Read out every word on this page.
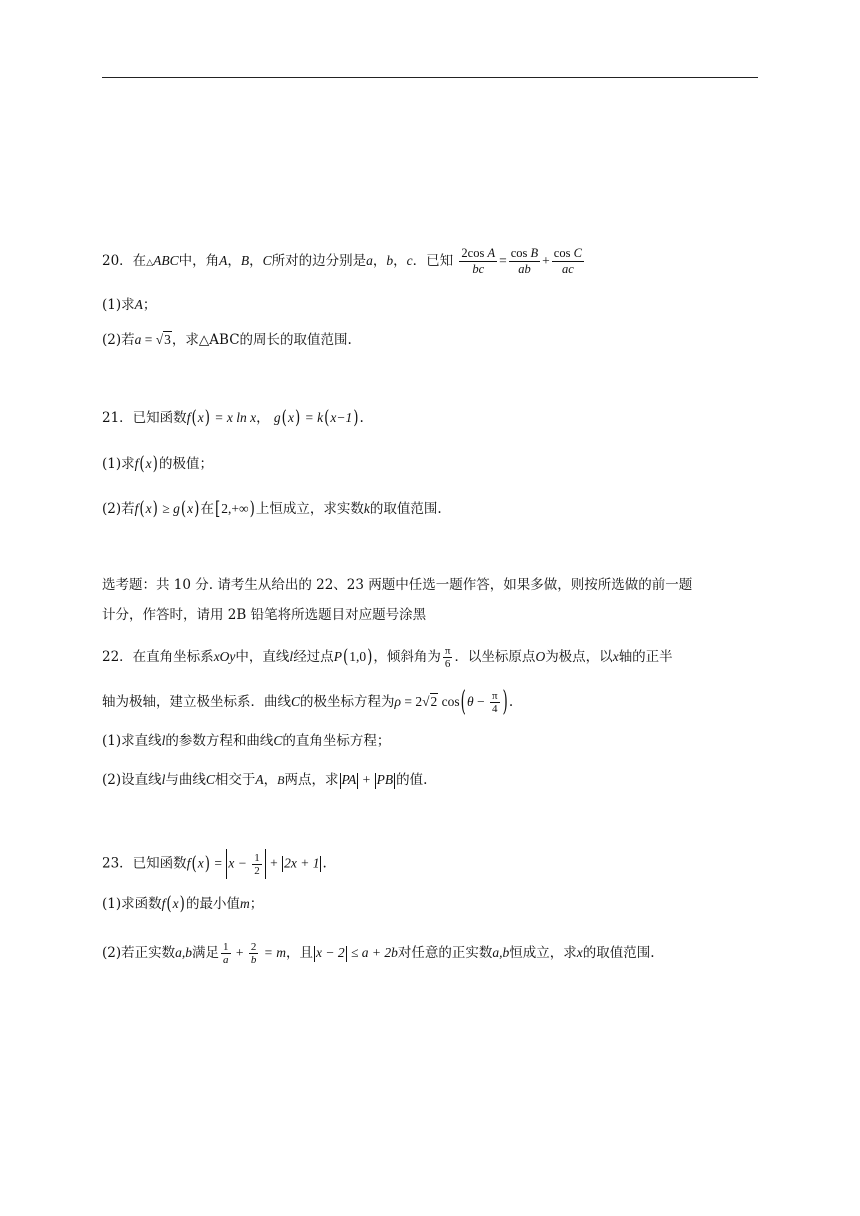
20．在△ABC中，角A，B，C所对的边分别是a，b，c．已知 $\frac{\text{2cos A}}{bc} = \frac{\text{cos B}}{ab} + \frac{\text{cos C}}{ac}$
(1)求A；
(2)若a = √3，求△ABC的周长的取值范围.
21．已知函数f(x) = x ln x， g(x) = k(x−1).
(1)求f(x)的极值；
(2)若f(x) ≥ g(x)在[2,+∞)上恒成立，求实数k的取值范围.
选考题：共 10 分. 请考生从给出的 22、23 两题中任选一题作答，如果多做，则按所选做的前一题
计分，作答时，请用 2B 铅笔将所选题目对应题号涂黑
22．在直角坐标系xOy中，直线l经过点P(1,0)，倾斜角为 $\frac{\pi}{6}$ ．以坐标原点O为极点，以x轴的正半
轴为极轴，建立极坐标系．曲线C的极坐标方程为ρ = 2√2 $\cos(\theta - \frac{\pi}{4}$ ).
(1)求直线l的参数方程和曲线C的直角坐标方程；
(2)设直线l与曲线C相交于A，B两点，求 PA + PB 的值.
23．已知函数$f(x) = x - \frac{1}{2} + 2x + 1$ .
(1)求函数f(x)的最小值m；
(2)若正实数a,b满足 $\frac{1}{a} + \frac{2}{b} = m$，且 x − 2 ≤ a + 2b对任意的正实数a,b恒成立，求x的取值范围.
